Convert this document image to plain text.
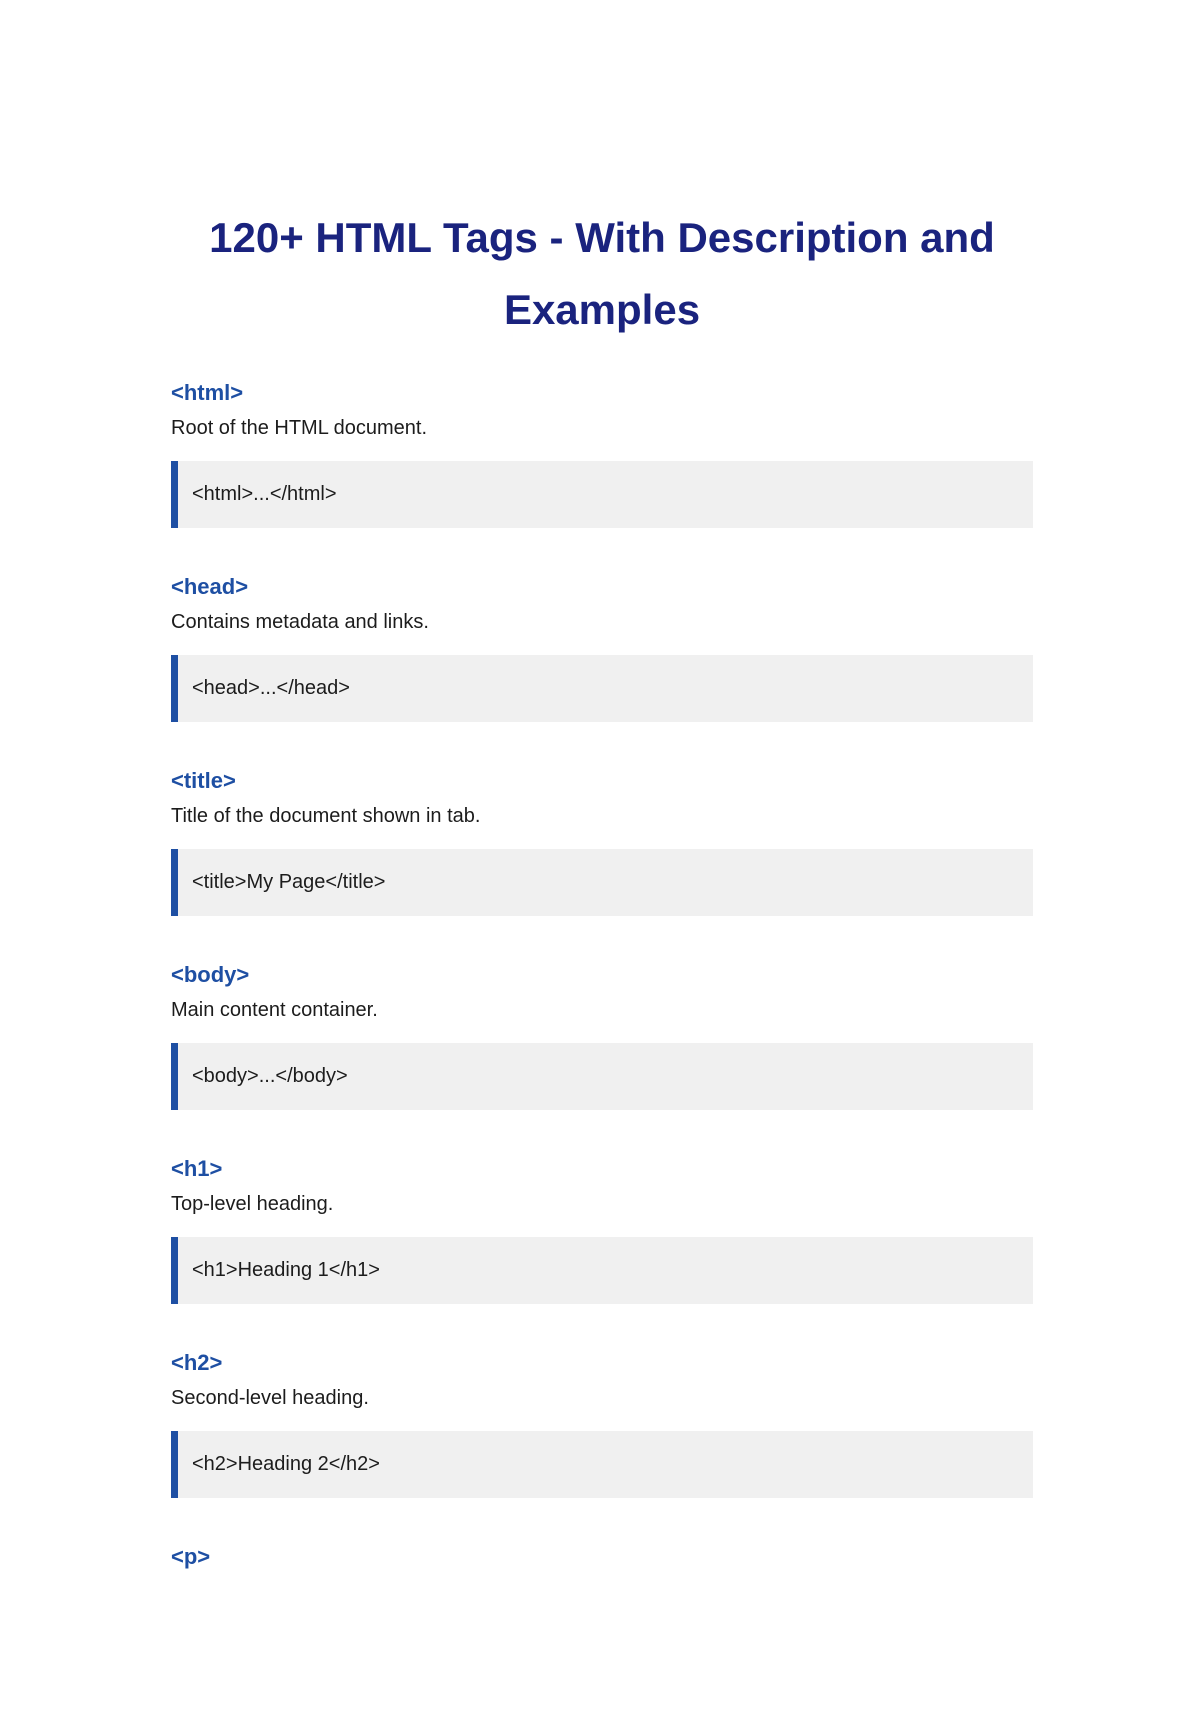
120+ HTML Tags - With Description and
Examples
<html>

Root of the HTML document.

<html>...</html>
<head>

Contains metadata and links.

<head>...</head>
<title>

Title of the document shown in tab.

<title>My Page</title>
<body>

Main content container.

<body>...</body>
<h1>

Top-level heading.

<h1>Heading 1</h1>
<h2>

Second-level heading.

<h2>Heading 2</h2>
<p>
